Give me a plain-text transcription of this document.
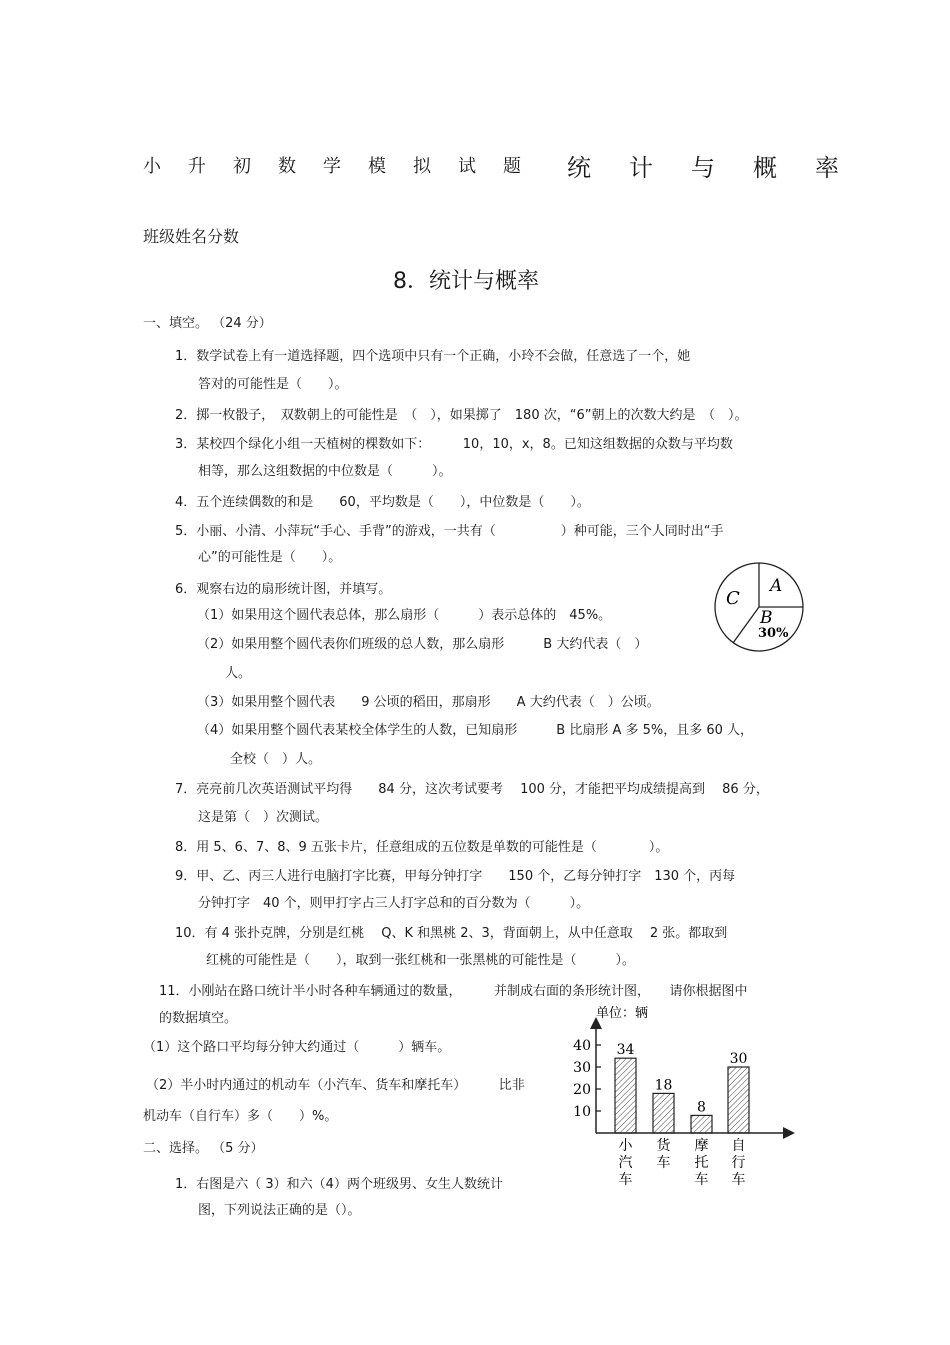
小升初数学模拟试题 统计与概率
班级姓名分数
8．统计与概率
一、填空。 （24 分）
1．数学试卷上有一道选择题，四个选项中只有一个正确，小玲不会做，任意选了一个，她
答对的可能性是（　　）。
2．掷一枚骰子，　双数朝上的可能性是　（　），如果掷了　180 次，“6”朝上的次数大约是　（　）。
3．某校四个绿化小组一天植树的棵数如下：　　　10，10，x，8。已知这组数据的众数与平均数
相等，那么这组数据的中位数是（　　　）。
4．五个连续偶数的和是　　60，平均数是（　　），中位数是（　　）。
5．小丽、小清、小萍玩“手心、手背”的游戏，一共有（　　　　　）种可能，三个人同时出“手
心”的可能性是（　　）。
6．观察右边的扇形统计图，并填写。
（1）如果用这个圆代表总体，那么扇形（　　　）表示总体的　45%。
（2）如果用整个圆代表你们班级的总人数，那么扇形　　　B 大约代表（　）
人。
（3）如果用整个圆代表　　9 公顷的稻田，那扇形　　A 大约代表（　）公顷。
（4）如果用整个圆代表某校全体学生的人数，已知扇形　　　B 比扇形 A 多 5%，且多 60 人，
全校（　）人。
A
B
30%
C
7．亮亮前几次英语测试平均得　　84 分，这次考试要考　 100 分，才能把平均成绩提高到　 86 分，
这是第（　）次测试。
8．用 5、6、7、8、9 五张卡片，任意组成的五位数是单数的可能性是（　　　　）。
9．甲、乙、丙三人进行电脑打字比赛，甲每分钟打字　　150 个，乙每分钟打字　130 个，丙每
分钟打字　40 个，则甲打字占三人打字总和的百分数为（　　　）。
10．有 4 张扑克牌，分别是红桃　 Q、K 和黑桃 2、3，背面朝上，从中任意取　 2 张。都取到
红桃的可能性是（　　），取到一张红桃和一张黑桃的可能性是（　　　）。
11．小刚站在路口统计半小时各种车辆通过的数量，　　　并制成右面的条形统计图，　　请你根据图中
的数据填空。
（1）这个路口平均每分钟大约通过（　　　）辆车。
（2）半小时内通过的机动车（小汽车、货车和摩托车）　　　比非
机动车（自行车）多（　　）%。
二、选择。 （5 分）
1．右图是六（ 3）和六（4）两个班级男、女生人数统计
图，下列说法正确的是（）。
单位：辆
10
20
30
40 34
小
汽
车
18
货
车
8
摩
托
车
30
自
行
车
